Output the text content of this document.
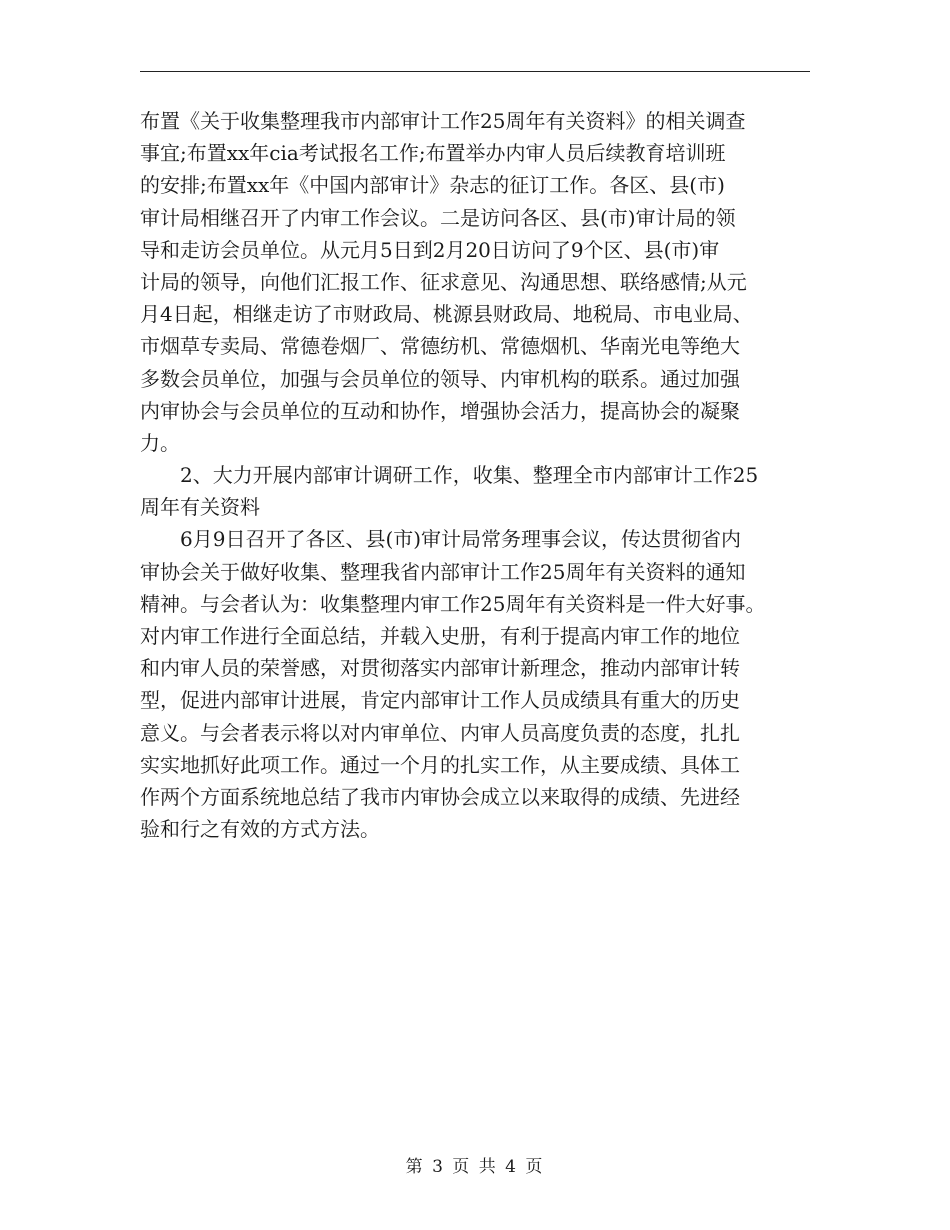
布置《关于收集整理我市内部审计工作25周年有关资料》的相关调查
事宜;布置xx年cia考试报名工作;布置举办内审人员后续教育培训班
的安排;布置xx年《中国内部审计》杂志的征订工作。各区、县(市)
审计局相继召开了内审工作会议。二是访问各区、县(市)审计局的领
导和走访会员单位。从元月5日到2月20日访问了9个区、县(市)审
计局的领导，向他们汇报工作、征求意见、沟通思想、联络感情;从元
月4日起，相继走访了市财政局、桃源县财政局、地税局、市电业局、
市烟草专卖局、常德卷烟厂、常德纺机、常德烟机、华南光电等绝大
多数会员单位，加强与会员单位的领导、内审机构的联系。通过加强
内审协会与会员单位的互动和协作，增强协会活力，提高协会的凝聚
力。
　　2、大力开展内部审计调研工作，收集、整理全市内部审计工作25
周年有关资料
　　6月9日召开了各区、县(市)审计局常务理事会议，传达贯彻省内
审协会关于做好收集、整理我省内部审计工作25周年有关资料的通知
精神。与会者认为：收集整理内审工作25周年有关资料是一件大好事。
对内审工作进行全面总结，并载入史册，有利于提高内审工作的地位
和内审人员的荣誉感，对贯彻落实内部审计新理念，推动内部审计转
型，促进内部审计进展，肯定内部审计工作人员成绩具有重大的历史
意义。与会者表示将以对内审单位、内审人员高度负责的态度，扎扎
实实地抓好此项工作。通过一个月的扎实工作，从主要成绩、具体工
作两个方面系统地总结了我市内审协会成立以来取得的成绩、先进经
验和行之有效的方式方法。
第 3 页 共 4 页
